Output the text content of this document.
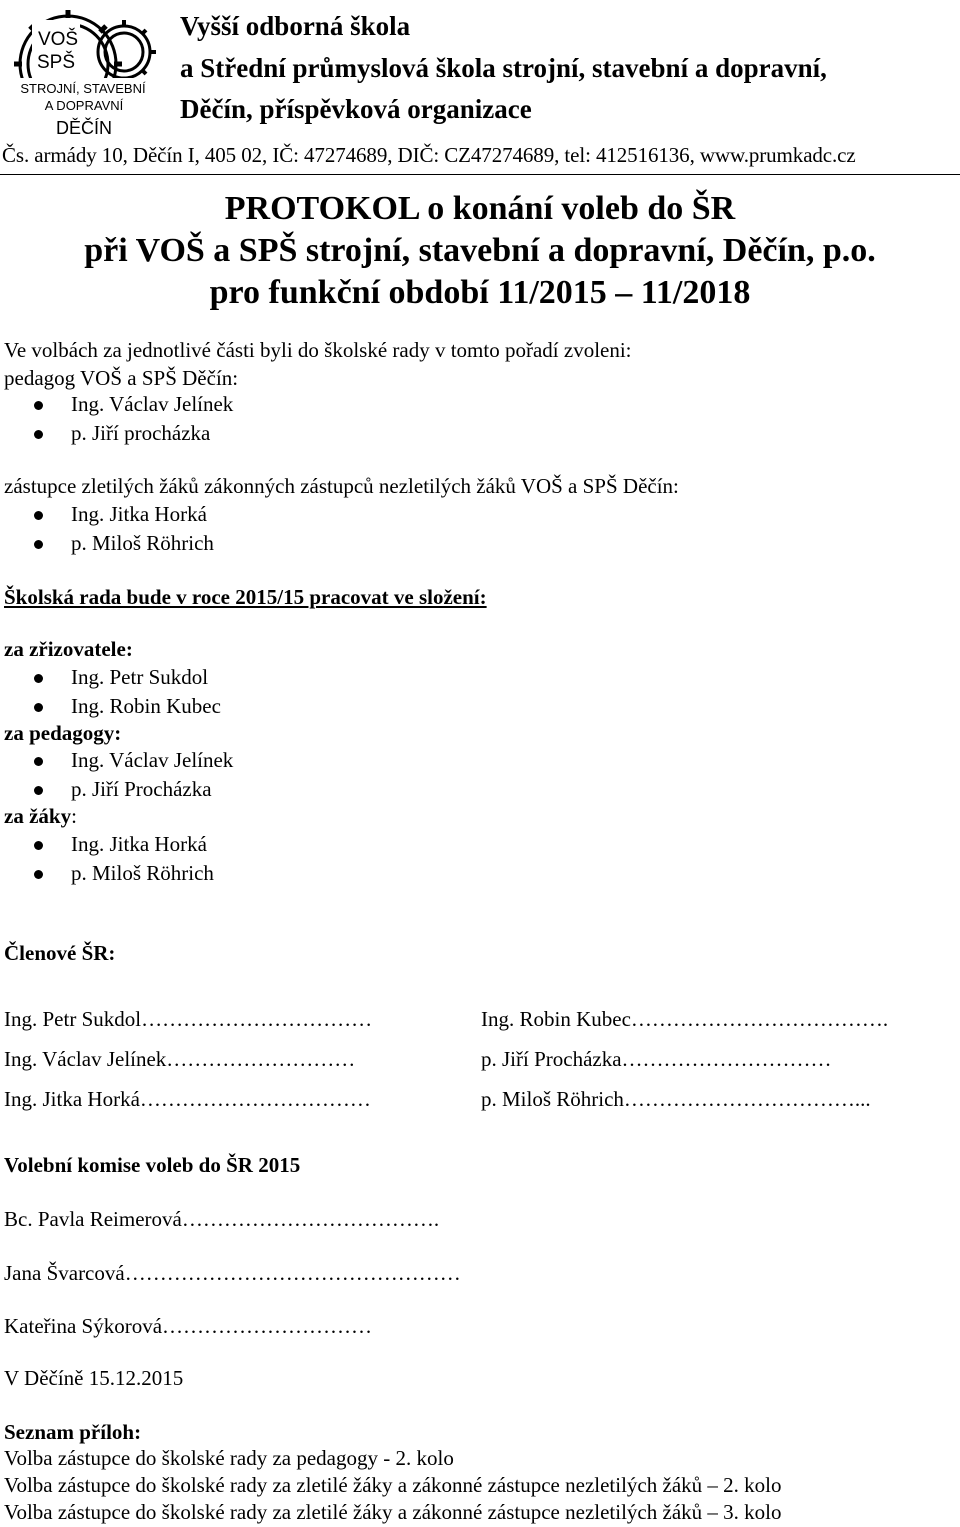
VOŠ
SPŠ
STROJNÍ, STAVEBNÍ
A DOPRAVNÍ
DĚČÍN
Vyšší odborná škola
a Střední průmyslová škola strojní, stavební a dopravní,
Děčín, příspěvková organizace
Čs. armády 10, Děčín I, 405 02, IČ: 47274689, DIČ: CZ47274689, tel: 412516136, www.prumkadc.cz
PROTOKOL o konání voleb do ŠR
při VOŠ a SPŠ strojní, stavební a dopravní, Děčín, p.o.
pro funkční období 11/2015 – 11/2018
Ve volbách za jednotlivé části byli do školské rady v tomto pořadí zvoleni:
pedagog VOŠ a SPŠ Děčín:
Ing. Václav Jelínek
p. Jiří procházka
zástupce zletilých žáků zákonných zástupců nezletilých žáků VOŠ a SPŠ Děčín:
Ing. Jitka Horká
p. Miloš Röhrich
Školská rada bude v roce 2015/15 pracovat ve složení:
za zřizovatele:
Ing. Petr Sukdol
Ing. Robin Kubec
za pedagogy:
Ing. Václav Jelínek
p. Jiří Procházka
za žáky:
Ing. Jitka Horká
p. Miloš Röhrich
Členové ŠR:
Ing. Petr Sukdol……………………………
Ing. Václav Jelínek………………………
Ing. Jitka Horká……………………………
Ing. Robin Kubec……………………………….
p. Jiří Procházka…………………………
p. Miloš Röhrich……………………………...
Volební komise voleb do ŠR 2015
Bc. Pavla Reimerová……………………………….
Jana Švarcová…………………………………………
Kateřina Sýkorová…………………………
V Děčíně 15.12.2015
Seznam příloh:
Volba zástupce do školské rady za pedagogy - 2. kolo
Volba zástupce do školské rady za zletilé žáky a zákonné zástupce nezletilých žáků – 2. kolo
Volba zástupce do školské rady za zletilé žáky a zákonné zástupce nezletilých žáků – 3. kolo
